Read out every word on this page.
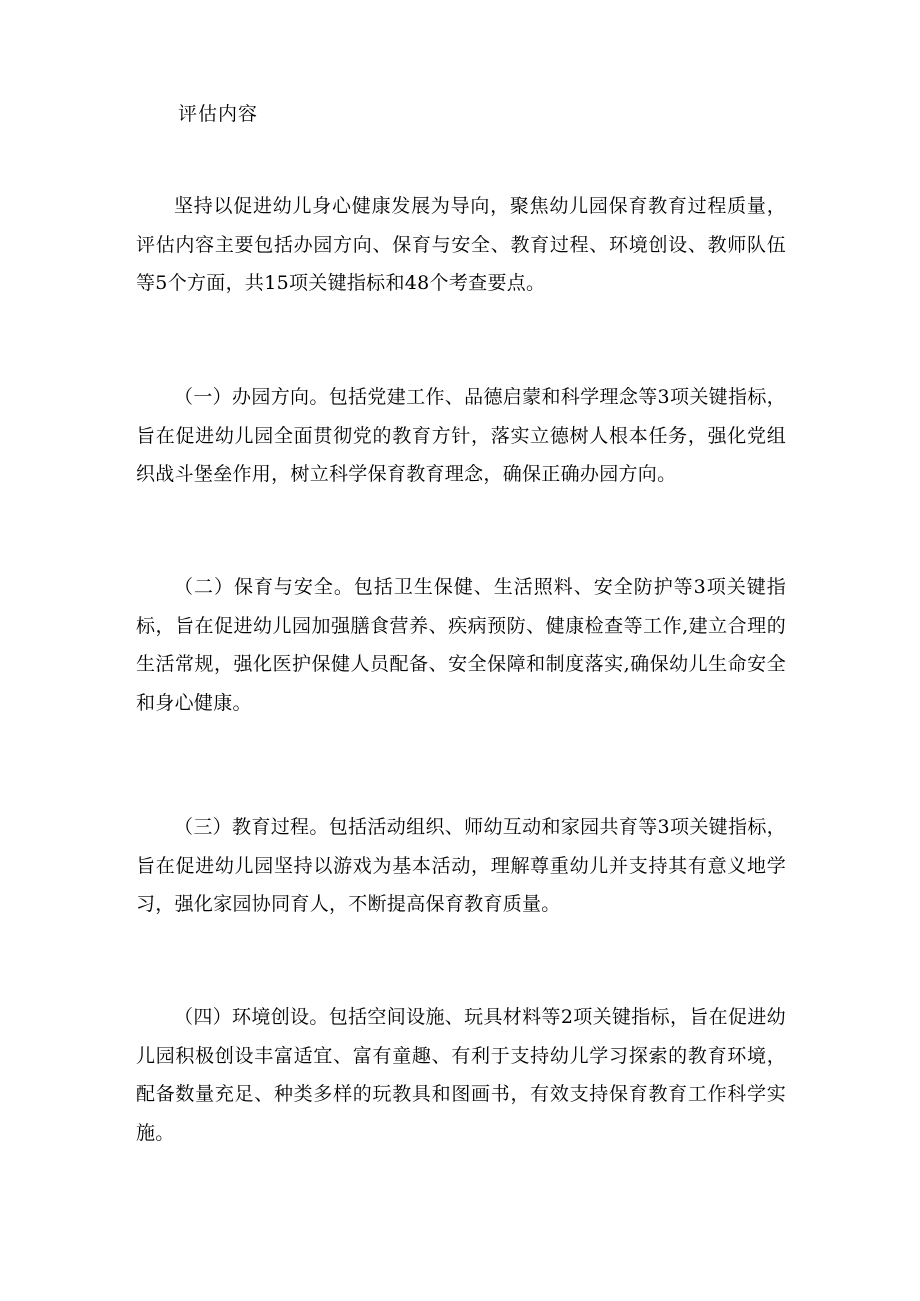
评估内容

坚持以促进幼儿身心健康发展为导向，聚焦幼儿园保育教育过程质量，评估内容主要包括办园方向、保育与安全、教育过程、环境创设、教师队伍等5个方面，共15项关键指标和48个考查要点。

（一）办园方向。包括党建工作、品德启蒙和科学理念等3项关键指标，旨在促进幼儿园全面贯彻党的教育方针，落实立德树人根本任务，强化党组织战斗堡垒作用，树立科学保育教育理念，确保正确办园方向。

（二）保育与安全。包括卫生保健、生活照料、安全防护等3项关键指标，旨在促进幼儿园加强膳食营养、疾病预防、健康检查等工作,建立合理的生活常规，强化医护保健人员配备、安全保障和制度落实,确保幼儿生命安全和身心健康。

（三）教育过程。包括活动组织、师幼互动和家园共育等3项关键指标，旨在促进幼儿园坚持以游戏为基本活动，理解尊重幼儿并支持其有意义地学习，强化家园协同育人，不断提高保育教育质量。

（四）环境创设。包括空间设施、玩具材料等2项关键指标，旨在促进幼儿园积极创设丰富适宜、富有童趣、有利于支持幼儿学习探索的教育环境，配备数量充足、种类多样的玩教具和图画书，有效支持保育教育工作科学实施。
